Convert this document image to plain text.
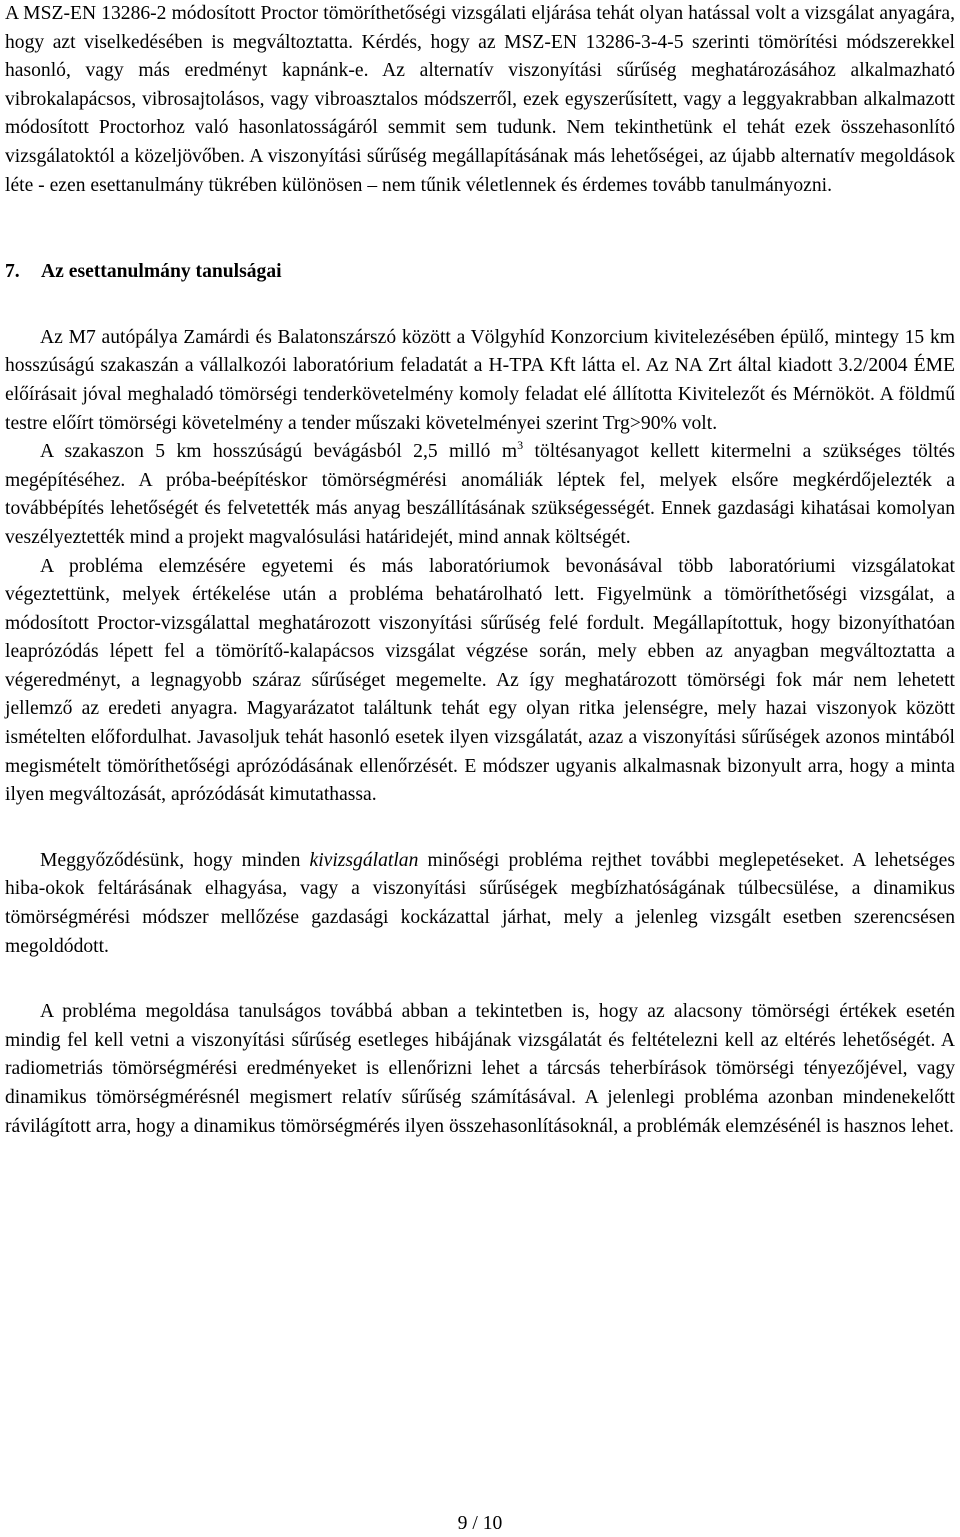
A MSZ-EN 13286-2 módosított Proctor tömöríthetőségi vizsgálati eljárása tehát olyan hatással volt a vizsgálat anyagára, hogy azt viselkedésében is megváltoztatta. Kérdés, hogy az MSZ-EN 13286-3-4-5 szerinti tömörítési módszerekkel hasonló, vagy más eredményt kapnánk-e. Az alternatív viszonyítási sűrűség meghatározásához alkalmazható vibrokalapácsos, vibrosajtolásos, vagy vibroasztalos módszerről, ezek egyszerűsített, vagy a leggyakrabban alkalmazott módosított Proctorhoz való hasonlatosságáról semmit sem tudunk. Nem tekinthetünk el tehát ezek összehasonlító vizsgálatoktól a közeljövőben. A viszonyítási sűrűség megállapításának más lehetőségei, az újabb alternatív megoldások léte - ezen esettanulmány tükrében különösen – nem tűnik véletlennek és érdemes tovább tanulmányozni.

7. Az esettanulmány tanulságai

Az M7 autópálya Zamárdi és Balatonszárszó között a Völgyhíd Konzorcium kivitelezésében épülő, mintegy 15 km hosszúságú szakaszán a vállalkozói laboratórium feladatát a H-TPA Kft látta el. Az NA Zrt által kiadott 3.2/2004 ÉME előírásait jóval meghaladó tömörségi tenderkövetelmény komoly feladat elé állította Kivitelezőt és Mérnököt. A földmű testre előírt tömörségi követelmény a tender műszaki követelményei szerint Trg>90% volt.

A szakaszon 5 km hosszúságú bevágásból 2,5 milló $m^3$ töltésanyagot kellett kitermelni a szükséges töltés megépítéséhez. A próba-beépítéskor tömörségmérési anomáliák léptek fel, melyek elsőre megkérdőjelezték a továbbépítés lehetőségét és felvetették más anyag beszállításának szükségességét. Ennek gazdasági kihatásai komolyan veszélyeztették mind a projekt magvalósulási határidejét, mind annak költségét.

A probléma elemzésére egyetemi és más laboratóriumok bevonásával több laboratóriumi vizsgálatokat végeztettünk, melyek értékelése után a probléma behatárolható lett. Figyelmünk a tömöríthetőségi vizsgálat, a módosított Proctor-vizsgálattal meghatározott viszonyítási sűrűség felé fordult. Megállapítottuk, hogy bizonyíthatóan leaprózódás lépett fel a tömörítő-kalapácsos vizsgálat végzése során, mely ebben az anyagban megváltoztatta a végeredményt, a legnagyobb száraz sűrűséget megemelte. Az így meghatározott tömörségi fok már nem lehetett jellemző az eredeti anyagra. Magyarázatot találtunk tehát egy olyan ritka jelenségre, mely hazai viszonyok között ismételten előfordulhat. Javasoljuk tehát hasonló esetek ilyen vizsgálatát, azaz a viszonyítási sűrűségek azonos mintából megismételt tömöríthetőségi aprózódásának ellenőrzését. E módszer ugyanis alkalmasnak bizonyult arra, hogy a minta ilyen megváltozását, aprózódását kimutathassa.

Meggyőződésünk, hogy minden kivizsgálatlan minőségi probléma rejthet további meglepetéseket. A lehetséges hiba-okok feltárásának elhagyása, vagy a viszonyítási sűrűségek megbízhatóságának túlbecsülése, a dinamikus tömörségmérési módszer mellőzése gazdasági kockázattal járhat, mely a jelenleg vizsgált esetben szerencsésen megoldódott.

A probléma megoldása tanulságos továbbá abban a tekintetben is, hogy az alacsony tömörségi értékek esetén mindig fel kell vetni a viszonyítási sűrűség esetleges hibájának vizsgálatát és feltételezni kell az eltérés lehetőségét. A radiometriás tömörségmérési eredményeket is ellenőrizni lehet a tárcsás teherbírások tömörségi tényezőjével, vagy dinamikus tömörségmérésnél megismert relatív sűrűség számításával. A jelenlegi probléma azonban mindenekelőtt rávilágított arra, hogy a dinamikus tömörségmérés ilyen összehasonlításoknál, a problémák elemzésénél is hasznos lehet.

9 / 10
